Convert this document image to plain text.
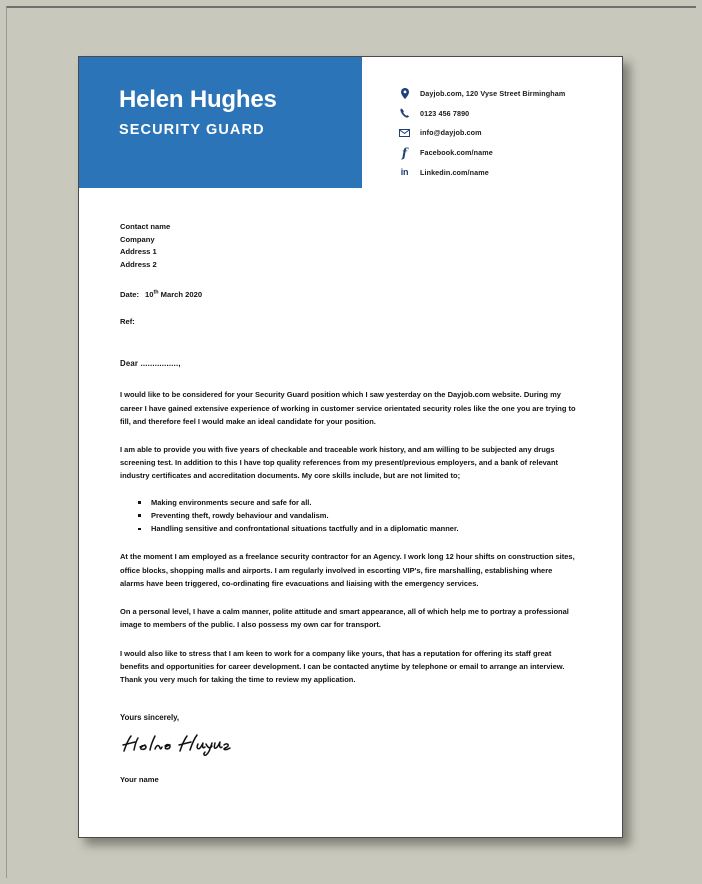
Helen Hughes
SECURITY GUARD
Dayjob.com, 120 Vyse Street Birmingham
0123 456 7890
info@dayjob.com
f	Facebook.com/name
in	Linkedin.com/name
Contact name
Company
Address 1
Address 2
Date: 10th March 2020
Ref:
Dear ................,

I would like to be considered for your Security Guard position which I saw yesterday on the Dayjob.com website. During my career I have gained extensive experience of working in customer service orientated security roles like the one you are trying to fill, and therefore feel I would make an ideal candidate for your position.

I am able to provide you with five years of checkable and traceable work history, and am willing to be subjected any drugs screening test. In addition to this I have top quality references from my present/previous employers, and a bank of relevant industry certificates and accreditation documents. My core skills include, but are not limited to;

Making environments secure and safe for all.
Preventing theft, rowdy behaviour and vandalism.
Handling sensitive and confrontational situations tactfully and in a diplomatic manner.

At the moment I am employed as a freelance security contractor for an Agency. I work long 12 hour shifts on construction sites, office blocks, shopping malls and airports. I am regularly involved in escorting VIP's, fire marshalling, establishing where alarms have been triggered, co-ordinating fire evacuations and liaising with the emergency services.

On a personal level, I have a calm manner, polite attitude and smart appearance, all of which help me to portray a professional image to members of the public. I also possess my own car for transport.

I would also like to stress that I am keen to work for a company like yours, that has a reputation for offering its staff great benefits and opportunities for career development. I can be contacted anytime by telephone or email to arrange an interview. Thank you very much for taking the time to review my application.

Yours sincerely,
Your name
